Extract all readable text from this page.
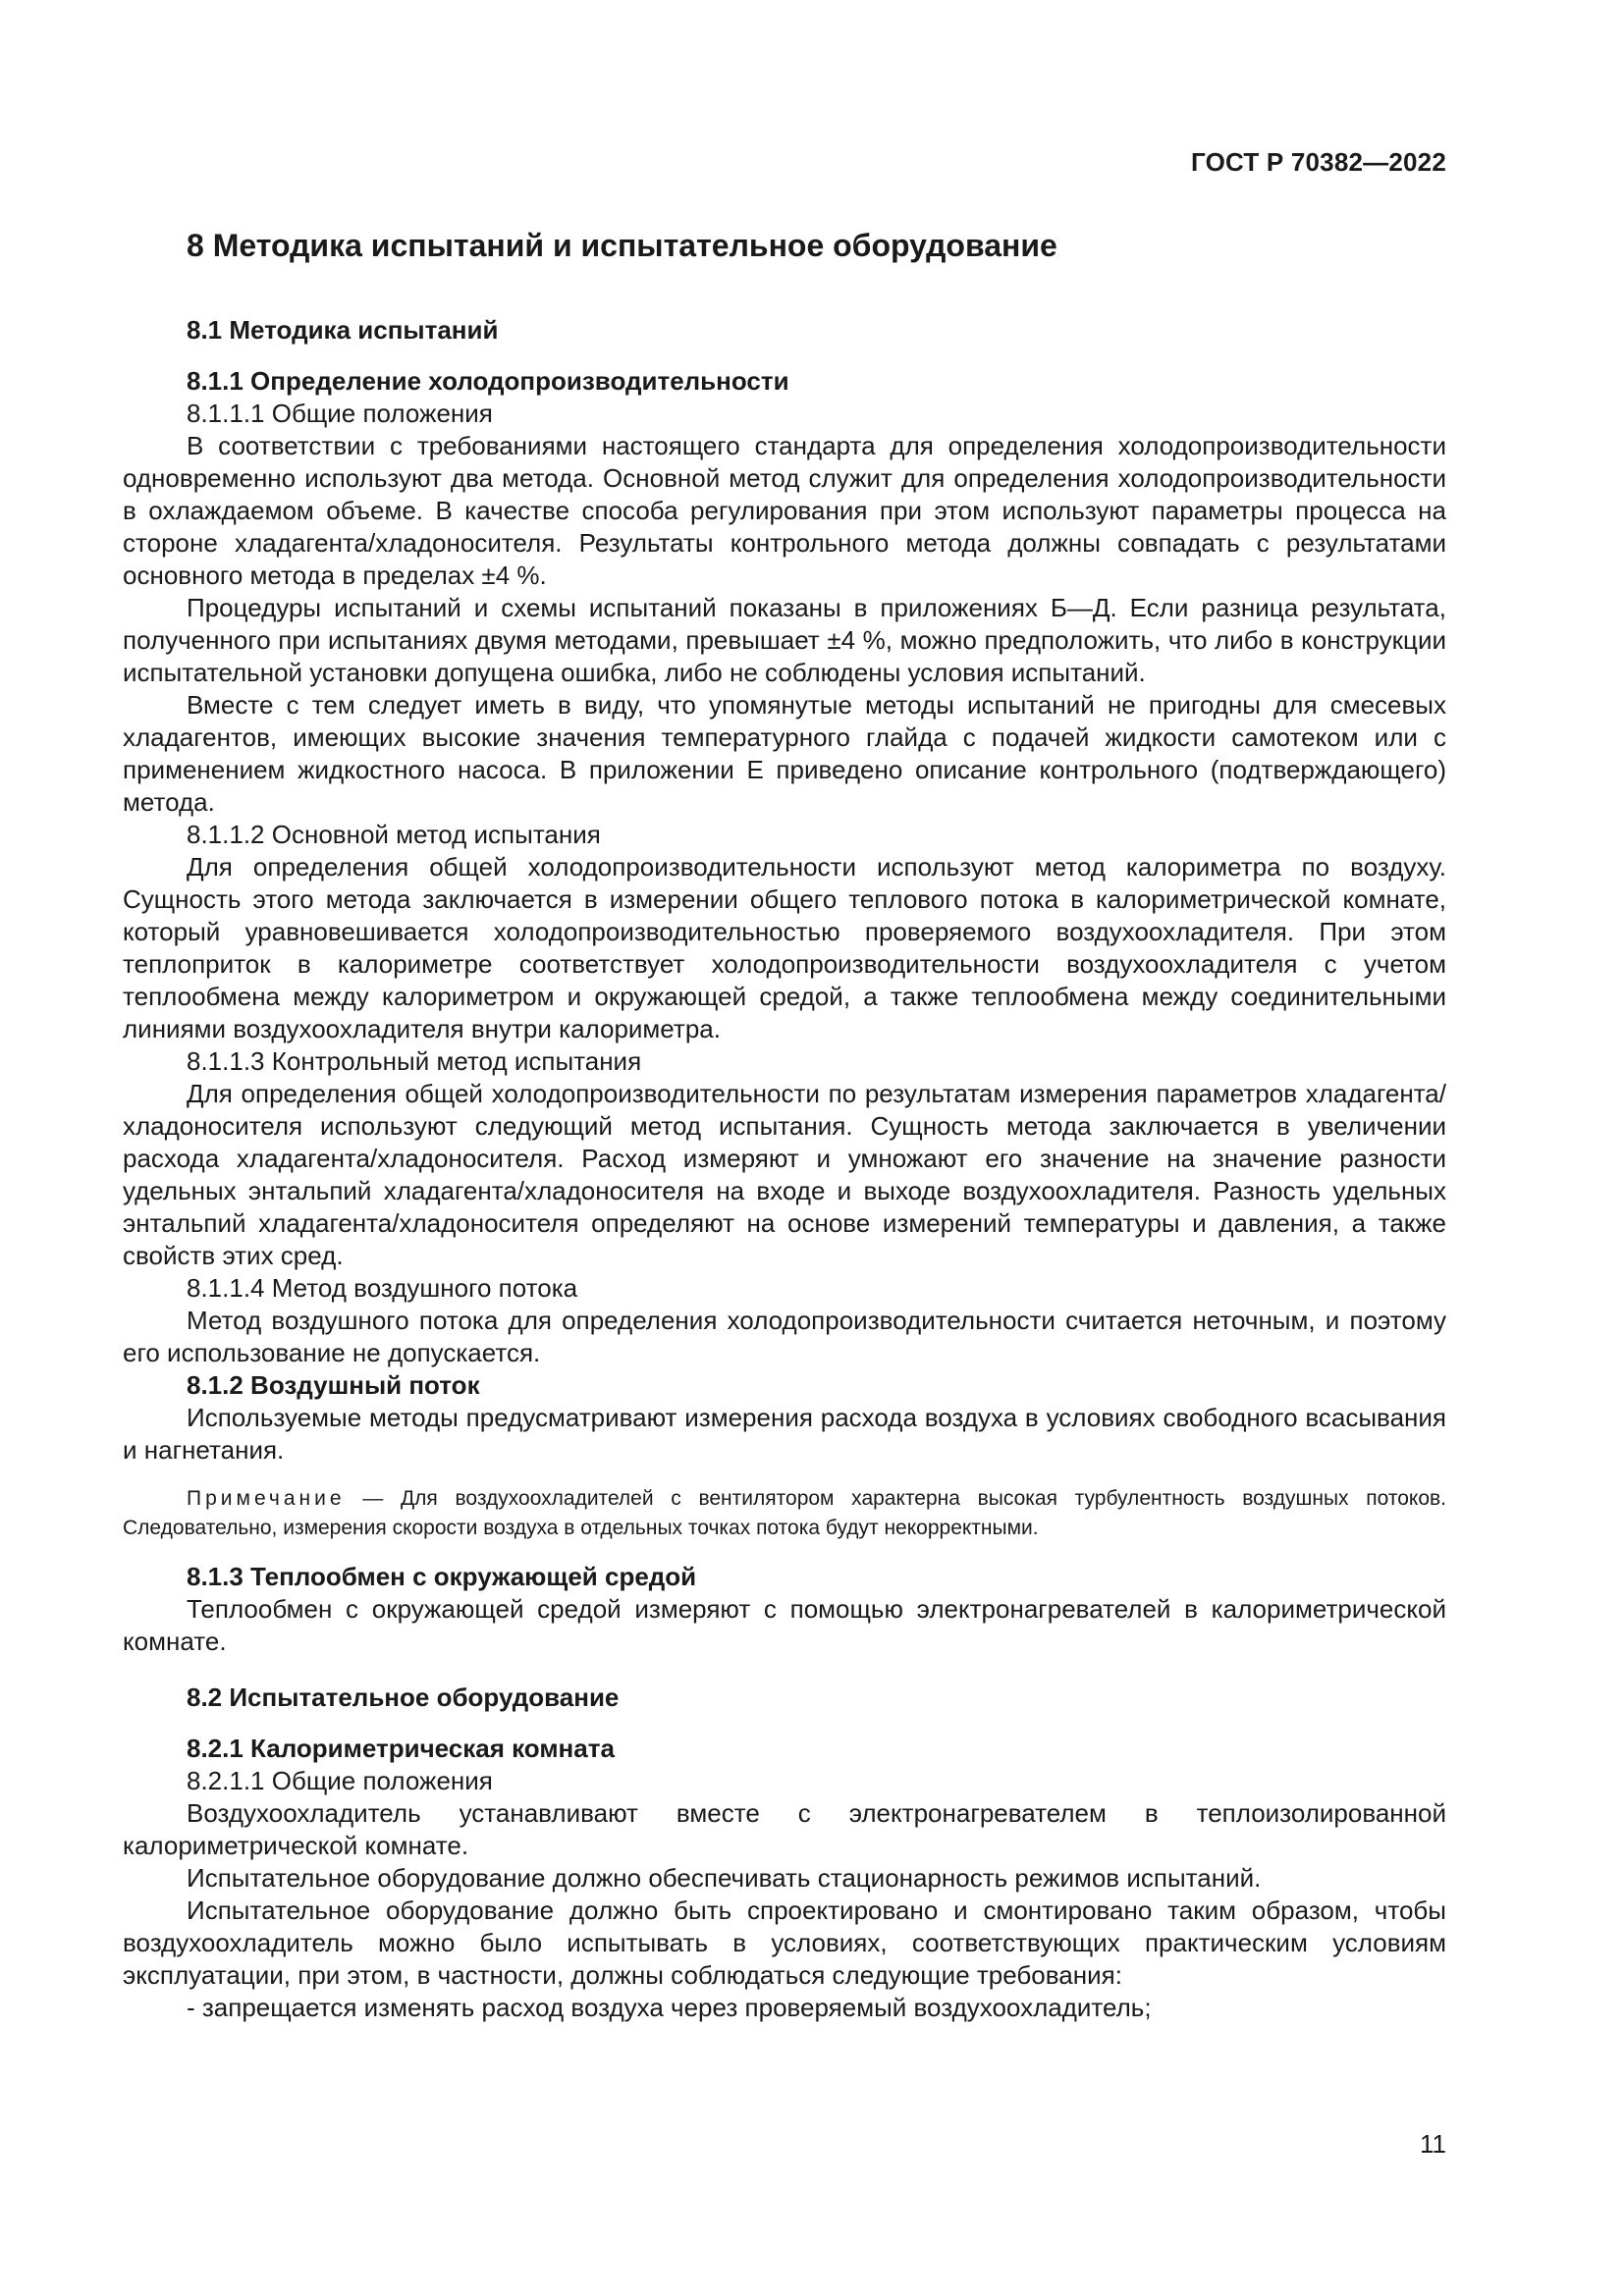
ГОСТ Р 70382—2022
8 Методика испытаний и испытательное оборудование
8.1 Методика испытаний
8.1.1 Определение холодопроизводительности
8.1.1.1 Общие положения

В соответствии с требованиями настоящего стандарта для определения холодопроизводительности одновременно используют два метода. Основной метод служит для определения холодопроизводительности в охлаждаемом объеме. В качестве способа регулирования при этом используют параметры процесса на стороне хладагента/хладоносителя. Результаты контрольного метода должны совпадать с результатами основного метода в пределах ±4 %.

Процедуры испытаний и схемы испытаний показаны в приложениях Б—Д. Если разница результата, полученного при испытаниях двумя методами, превышает ±4 %, можно предположить, что либо в конструкции испытательной установки допущена ошибка, либо не соблюдены условия испытаний.

Вместе с тем следует иметь в виду, что упомянутые методы испытаний не пригодны для смесевых хладагентов, имеющих высокие значения температурного глайда с подачей жидкости самотеком или с применением жидкостного насоса. В приложении Е приведено описание контрольного (подтверждающего) метода.

8.1.1.2 Основной метод испытания

Для определения общей холодопроизводительности используют метод калориметра по воздуху. Сущность этого метода заключается в измерении общего теплового потока в калориметрической комнате, который уравновешивается холодопроизводительностью проверяемого воздухоохладителя. При этом теплоприток в калориметре соответствует холодопроизводительности воздухоохладителя с учетом теплообмена между калориметром и окружающей средой, а также теплообмена между соединительными линиями воздухоохладителя внутри калориметра.

8.1.1.3 Контрольный метод испытания

Для определения общей холодопроизводительности по результатам измерения параметров хладагента/хладоносителя используют следующий метод испытания. Сущность метода заключается в увеличении расхода хладагента/хладоносителя. Расход измеряют и умножают его значение на значение разности удельных энтальпий хладагента/хладоносителя на входе и выходе воздухоохладителя. Разность удельных энтальпий хладагента/хладоносителя определяют на основе измерений температуры и давления, а также свойств этих сред.

8.1.1.4 Метод воздушного потока

Метод воздушного потока для определения холодопроизводительности считается неточным, и поэтому его использование не допускается.

8.1.2 Воздушный поток

Используемые методы предусматривают измерения расхода воздуха в условиях свободного всасывания и нагнетания.

Примечание — Для воздухоохладителей с вентилятором характерна высокая турбулентность воздушных потоков. Следовательно, измерения скорости воздуха в отдельных точках потока будут некорректными.

8.1.3 Теплообмен с окружающей средой

Теплообмен с окружающей средой измеряют с помощью электронагревателей в калориметрической комнате.

8.2 Испытательное оборудование
8.2.1 Калориметрическая комната
8.2.1.1 Общие положения

Воздухоохладитель устанавливают вместе с электронагревателем в теплоизолированной калориметрической комнате.

Испытательное оборудование должно обеспечивать стационарность режимов испытаний.

Испытательное оборудование должно быть спроектировано и смонтировано таким образом, чтобы воздухоохладитель можно было испытывать в условиях, соответствующих практическим условиям эксплуатации, при этом, в частности, должны соблюдаться следующие требования:

- запрещается изменять расход воздуха через проверяемый воздухоохладитель;
11
